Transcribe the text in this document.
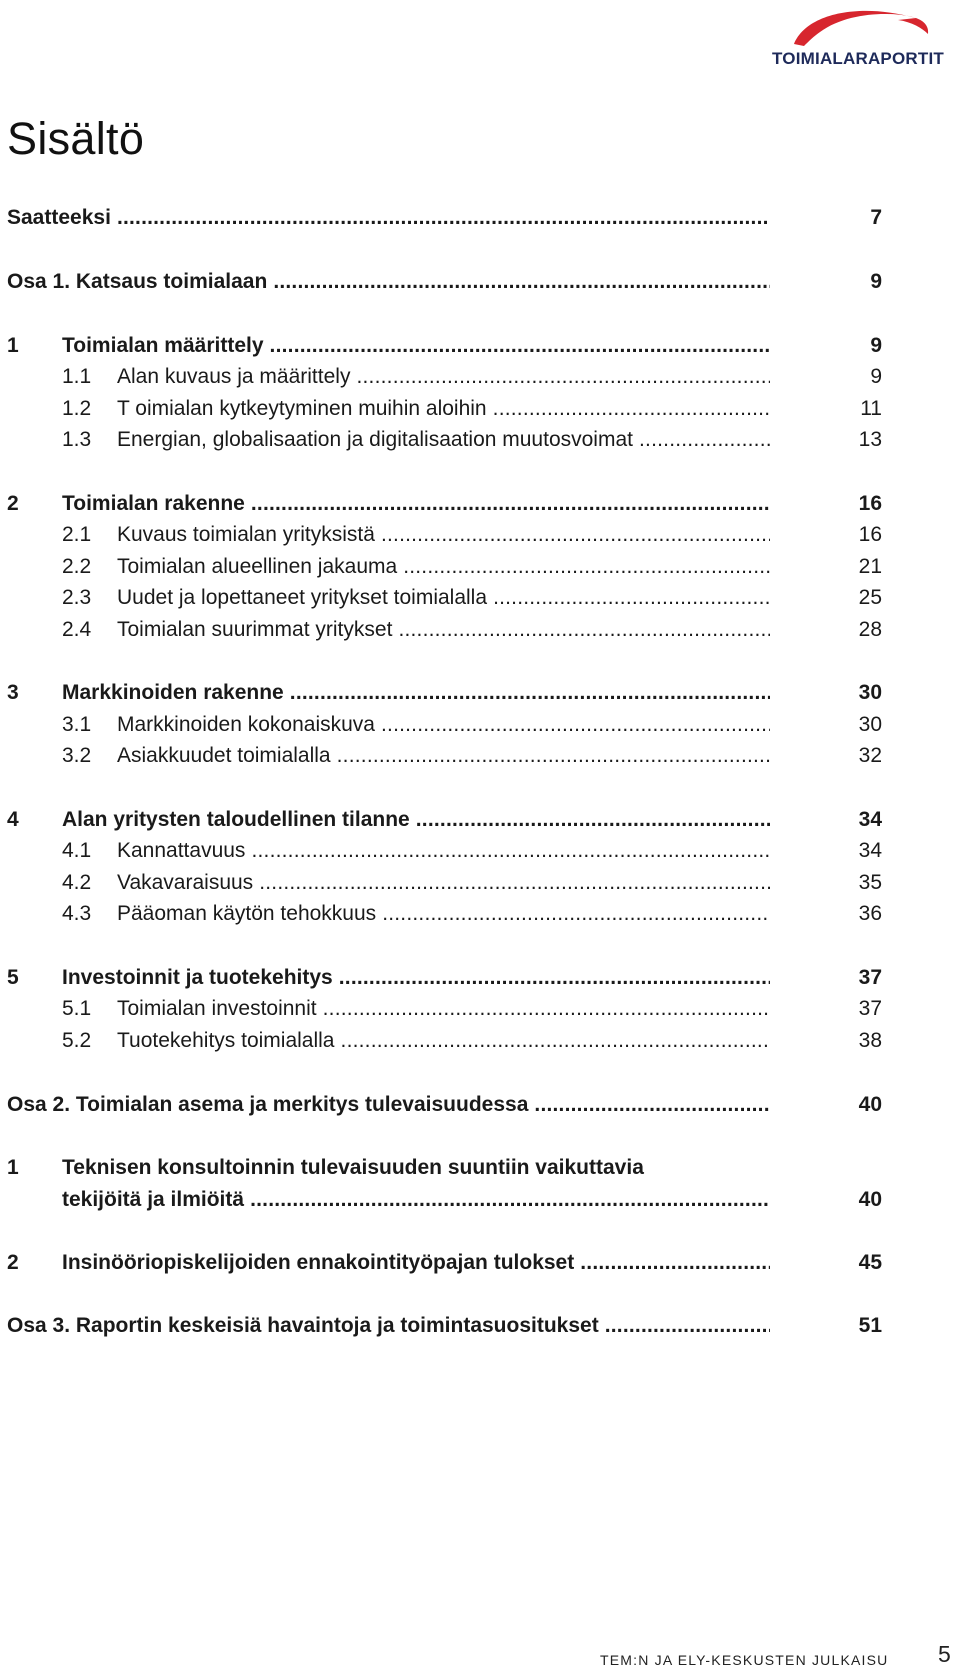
TOIMIALARAPORTIT
Sisältö
Saatteeksi .....	7
Osa 1. Katsaus toimialaan .....	9
1 Toimialan määrittely .....	9
1.1 Alan kuvaus ja määrittely .....	9
1.2 T oimialan kytkeytyminen muihin aloihin .....	11
1.3 Energian, globalisaation ja digitalisaation muutosvoimat .....	13
2 Toimialan rakenne .....	16
2.1 Kuvaus toimialan yrityksistä .....	16
2.2 Toimialan alueellinen jakauma .....	21
2.3 Uudet ja lopettaneet yritykset toimialalla .....	25
2.4 Toimialan suurimmat yritykset .....	28
3 Markkinoiden rakenne .....	30
3.1 Markkinoiden kokonaiskuva .....	30
3.2 Asiakkuudet toimialalla .....	32
4 Alan yritysten taloudellinen tilanne .....	34
4.1 Kannattavuus .....	34
4.2 Vakavaraisuus .....	35
4.3 Pääoman käytön tehokkuus .....	36
5 Investoinnit ja tuotekehitys .....	37
5.1 Toimialan investoinnit .....	37
5.2 Tuotekehitys toimialalla .....	38
Osa 2. Toimialan asema ja merkitys tulevaisuudessa .....	40
1 Teknisen konsultoinnin tulevaisuuden suuntiin vaikuttavia
tekijöitä ja ilmiöitä .....	40
2 Insinööriopiskelijoiden ennakointityöpajan tulokset .....	45
Osa 3. Raportin keskeisiä havaintoja ja toimintasuositukset .....	51
TEM:N JA ELY-KESKUSTEN JULKAISU 5
